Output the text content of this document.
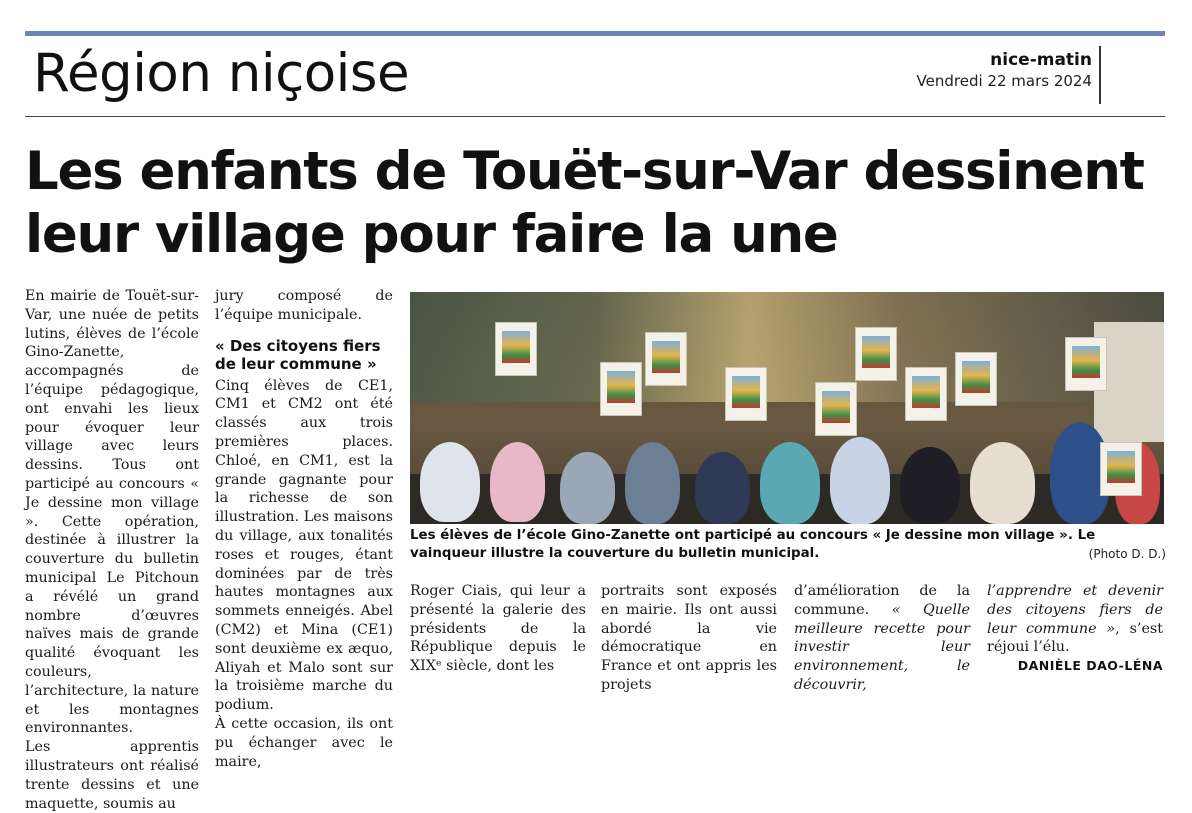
Région niçoise	nice-matin
Vendredi 22 mars 2024
Les enfants de Touët-sur-Var dessinent leur village pour faire la une

En mairie de Touët-sur-Var, une nuée de petits lutins, élèves de l’école Gino-Zanette, accompagnés de l’équipe pédagogique, ont envahi les lieux pour évoquer leur village avec leurs dessins. Tous ont participé au concours « Je dessine mon village ». Cette opération, destinée à illustrer la couverture du bulletin municipal Le Pitchoun a révélé un grand nombre d’œuvres naïves mais de grande qualité évoquant les couleurs, l’architecture, la nature et les montagnes environnantes.

Les apprentis illustrateurs ont réalisé trente dessins et une maquette, soumis au

jury composé de l’équipe municipale.

« Des citoyens fiers de leur commune »

Cinq élèves de CE1, CM1 et CM2 ont été classés aux trois premières places. Chloé, en CM1, est la grande gagnante pour la richesse de son illustration. Les maisons du village, aux tonalités roses et rouges, étant dominées par de très hautes montagnes aux sommets enneigés. Abel (CM2) et Mina (CE1) sont deuxième ex æquo, Aliyah et Malo sont sur la troisième marche du podium.

À cette occasion, ils ont pu échanger avec le maire,

Les élèves de l’école Gino-Zanette ont participé au concours « Je dessine mon village ». Le vainqueur illustre la couverture du bulletin municipal.	(Photo D. D.)

Roger Ciais, qui leur a présenté la galerie des présidents de la République depuis le XIXᵉ siècle, dont les

portraits sont exposés en mairie. Ils ont aussi abordé la vie démocratique en France et ont appris les projets

d’amélioration de la commune. « Quelle meilleure recette pour investir leur environnement, le découvrir,

l’apprendre et devenir des citoyens fiers de leur commune », s’est réjoui l’élu.

DANIÈLE DAO-LÉNA
